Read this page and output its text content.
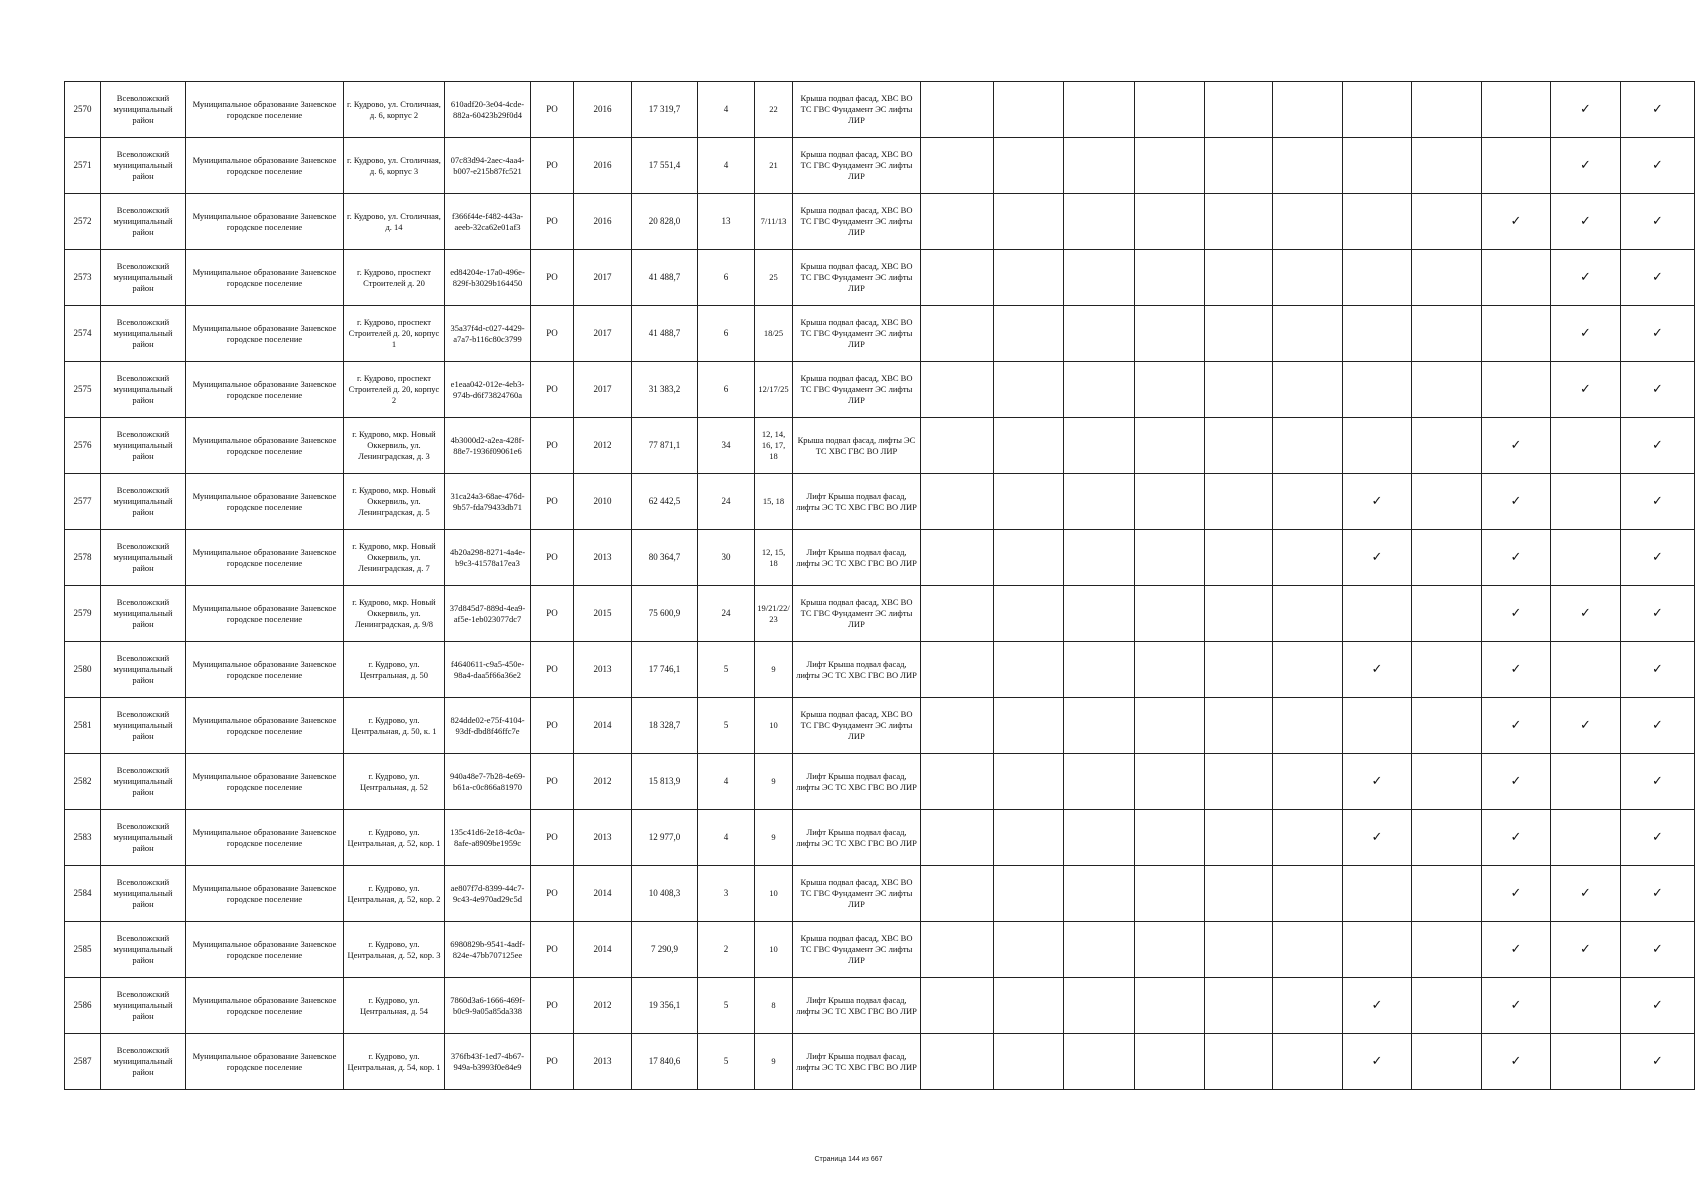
2570	Всеволожский муниципальный район	Муниципальное образование Заневское городское поселение	г. Кудрово, ул. Столичная, д. 6, корпус 2	610adf20-3e04-4cde-882a-60423b29f0d4	РО	2016	17 319,7	4	22	Крыша подвал фасад, ХВС ВО ТС ГВС Фундамент ЭС лифты ЛИР										✓	✓
2571	Всеволожский муниципальный район	Муниципальное образование Заневское городское поселение	г. Кудрово, ул. Столичная, д. 6, корпус 3	07c83d94-2aec-4aa4-b007-e215b87fc521	РО	2016	17 551,4	4	21	Крыша подвал фасад, ХВС ВО ТС ГВС Фундамент ЭС лифты ЛИР										✓	✓
2572	Всеволожский муниципальный район	Муниципальное образование Заневское городское поселение	г. Кудрово, ул. Столичная, д. 14	f366f44e-f482-443a-aeeb-32ca62e01af3	РО	2016	20 828,0	13	7/11/13	Крыша подвал фасад, ХВС ВО ТС ГВС Фундамент ЭС лифты ЛИР									✓	✓	✓
2573	Всеволожский муниципальный район	Муниципальное образование Заневское городское поселение	г. Кудрово, проспект Строителей д. 20	ed84204e-17a0-496e-829f-b3029b164450	РО	2017	41 488,7	6	25	Крыша подвал фасад, ХВС ВО ТС ГВС Фундамент ЭС лифты ЛИР										✓	✓
2574	Всеволожский муниципальный район	Муниципальное образование Заневское городское поселение	г. Кудрово, проспект Строителей д. 20, корпус 1	35a37f4d-c027-4429-a7a7-b116c80c3799	РО	2017	41 488,7	6	18/25	Крыша подвал фасад, ХВС ВО ТС ГВС Фундамент ЭС лифты ЛИР										✓	✓
2575	Всеволожский муниципальный район	Муниципальное образование Заневское городское поселение	г. Кудрово, проспект Строителей д. 20, корпус 2	e1eaa042-012e-4eb3-974b-d6f73824760a	РО	2017	31 383,2	6	12/17/25	Крыша подвал фасад, ХВС ВО ТС ГВС Фундамент ЭС лифты ЛИР										✓	✓
2576	Всеволожский муниципальный район	Муниципальное образование Заневское городское поселение	г. Кудрово, мкр. Новый Оккервиль, ул. Ленинградская, д. 3	4b3000d2-a2ea-428f-88e7-1936f09061e6	РО	2012	77 871,1	34	12, 14, 16, 17, 18	Крыша подвал фасад, лифты ЭС ТС ХВС ГВС ВО ЛИР									✓		✓
2577	Всеволожский муниципальный район	Муниципальное образование Заневское городское поселение	г. Кудрово, мкр. Новый Оккервиль, ул. Ленинградская, д. 5	31ca24a3-68ae-476d-9b57-fda79433db71	РО	2010	62 442,5	24	15, 18	Лифт Крыша подвал фасад, лифты ЭС ТС ХВС ГВС ВО ЛИР							✓		✓		✓
2578	Всеволожский муниципальный район	Муниципальное образование Заневское городское поселение	г. Кудрово, мкр. Новый Оккервиль, ул. Ленинградская, д. 7	4b20a298-8271-4a4e-b9c3-41578a17ea3	РО	2013	80 364,7	30	12, 15, 18	Лифт Крыша подвал фасад, лифты ЭС ТС ХВС ГВС ВО ЛИР							✓		✓		✓
2579	Всеволожский муниципальный район	Муниципальное образование Заневское городское поселение	г. Кудрово, мкр. Новый Оккервиль, ул. Ленинградская, д. 9/8	37d845d7-889d-4ea9-af5e-1eb023077dc7	РО	2015	75 600,9	24	19/21/22/23	Крыша подвал фасад, ХВС ВО ТС ГВС Фундамент ЭС лифты ЛИР									✓	✓	✓
2580	Всеволожский муниципальный район	Муниципальное образование Заневское городское поселение	г. Кудрово, ул. Центральная, д. 50	f4640611-c9a5-450e-98a4-daa5f66a36e2	РО	2013	17 746,1	5	9	Лифт Крыша подвал фасад, лифты ЭС ТС ХВС ГВС ВО ЛИР							✓		✓		✓
2581	Всеволожский муниципальный район	Муниципальное образование Заневское городское поселение	г. Кудрово, ул. Центральная, д. 50, к. 1	824dde02-e75f-4104-93df-dbd8f46ffc7e	РО	2014	18 328,7	5	10	Крыша подвал фасад, ХВС ВО ТС ГВС Фундамент ЭС лифты ЛИР									✓	✓	✓
2582	Всеволожский муниципальный район	Муниципальное образование Заневское городское поселение	г. Кудрово, ул. Центральная, д. 52	940a48e7-7b28-4e69-b61a-c0c866a81970	РО	2012	15 813,9	4	9	Лифт Крыша подвал фасад, лифты ЭС ТС ХВС ГВС ВО ЛИР							✓		✓		✓
2583	Всеволожский муниципальный район	Муниципальное образование Заневское городское поселение	г. Кудрово, ул. Центральная, д. 52, кор. 1	135c41d6-2e18-4c0a-8afe-a8909be1959c	РО	2013	12 977,0	4	9	Лифт Крыша подвал фасад, лифты ЭС ТС ХВС ГВС ВО ЛИР							✓		✓		✓
2584	Всеволожский муниципальный район	Муниципальное образование Заневское городское поселение	г. Кудрово, ул. Центральная, д. 52, кор. 2	ae807f7d-8399-44c7-9c43-4e970ad29c5d	РО	2014	10 408,3	3	10	Крыша подвал фасад, ХВС ВО ТС ГВС Фундамент ЭС лифты ЛИР									✓	✓	✓
2585	Всеволожский муниципальный район	Муниципальное образование Заневское городское поселение	г. Кудрово, ул. Центральная, д. 52, кор. 3	6980829b-9541-4adf-824e-47bb707125ee	РО	2014	7 290,9	2	10	Крыша подвал фасад, ХВС ВО ТС ГВС Фундамент ЭС лифты ЛИР									✓	✓	✓
2586	Всеволожский муниципальный район	Муниципальное образование Заневское городское поселение	г. Кудрово, ул. Центральная, д. 54	7860d3a6-1666-469f-b0c9-9a05a85da338	РО	2012	19 356,1	5	8	Лифт Крыша подвал фасад, лифты ЭС ТС ХВС ГВС ВО ЛИР							✓		✓		✓
2587	Всеволожский муниципальный район	Муниципальное образование Заневское городское поселение	г. Кудрово, ул. Центральная, д. 54, кор. 1	376fb43f-1ed7-4b67-949a-b3993f0e84e9	РО	2013	17 840,6	5	9	Лифт Крыша подвал фасад, лифты ЭС ТС ХВС ГВС ВО ЛИР							✓		✓		✓
Страница 144 из 667
